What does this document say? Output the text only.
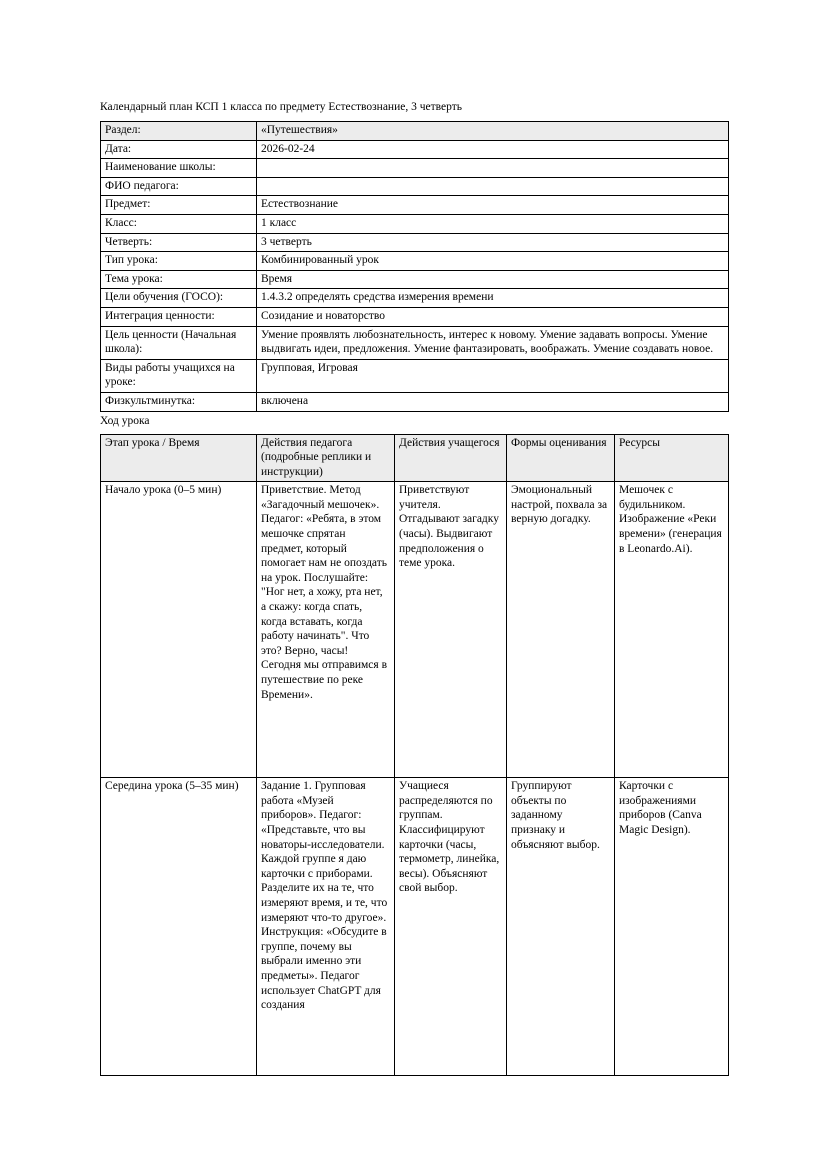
Календарный план КСП 1 класса по предмету Естествознание, 3 четверть
Раздел:	«Путешествия»
Дата:	2026-02-24
Наименование школы:	
ФИО педагога:	
Предмет:	Естествознание
Класс:	1 класс
Четверть:	3 четверть
Тип урока:	Комбинированный урок
Тема урока:	Время
Цели обучения (ГОСО):	1.4.3.2 определять средства измерения времени
Интеграция ценности:	Созидание и новаторство
Цель ценности (Начальная школа):	Умение проявлять любознательность, интерес к новому. Умение задавать вопросы. Умение выдвигать идеи, предложения. Умение фантазировать, воображать. Умение создавать новое.
Виды работы учащихся на уроке:	Групповая, Игровая
Физкультминутка:	включена
Ход урока
Этап урока / Время	Действия педагога (подробные реплики и инструкции)	Действия учащегося	Формы оценивания	Ресурсы
Начало урока (0–5 мин)	Приветствие. Метод «Загадочный мешочек». Педагог: «Ребята, в этом мешочке спрятан предмет, который помогает нам не опоздать на урок. Послушайте: "Ног нет, а хожу, рта нет, а скажу: когда спать, когда вставать, когда работу начинать". Что это? Верно, часы! Сегодня мы отправимся в путешествие по реке Времени».	Приветствуют учителя. Отгадывают загадку (часы). Выдвигают предположения о теме урока.	Эмоциональный настрой, похвала за верную догадку.	Мешочек с будильником. Изображение «Реки времени» (генерация в Leonardo.Ai).
Середина урока (5–35 мин)	Задание 1. Групповая работа «Музей приборов». Педагог: «Представьте, что вы новаторы-исследователи. Каждой группе я даю карточки с приборами. Разделите их на те, что измеряют время, и те, что измеряют что-то другое». Инструкция: «Обсудите в группе, почему вы выбрали именно эти предметы». Педагог использует ChatGPT для создания	Учащиеся распределяются по группам. Классифицируют карточки (часы, термометр, линейка, весы). Объясняют свой выбор.	Группируют объекты по заданному признаку и объясняют выбор.	Карточки с изображениями приборов (Canva Magic Design).
